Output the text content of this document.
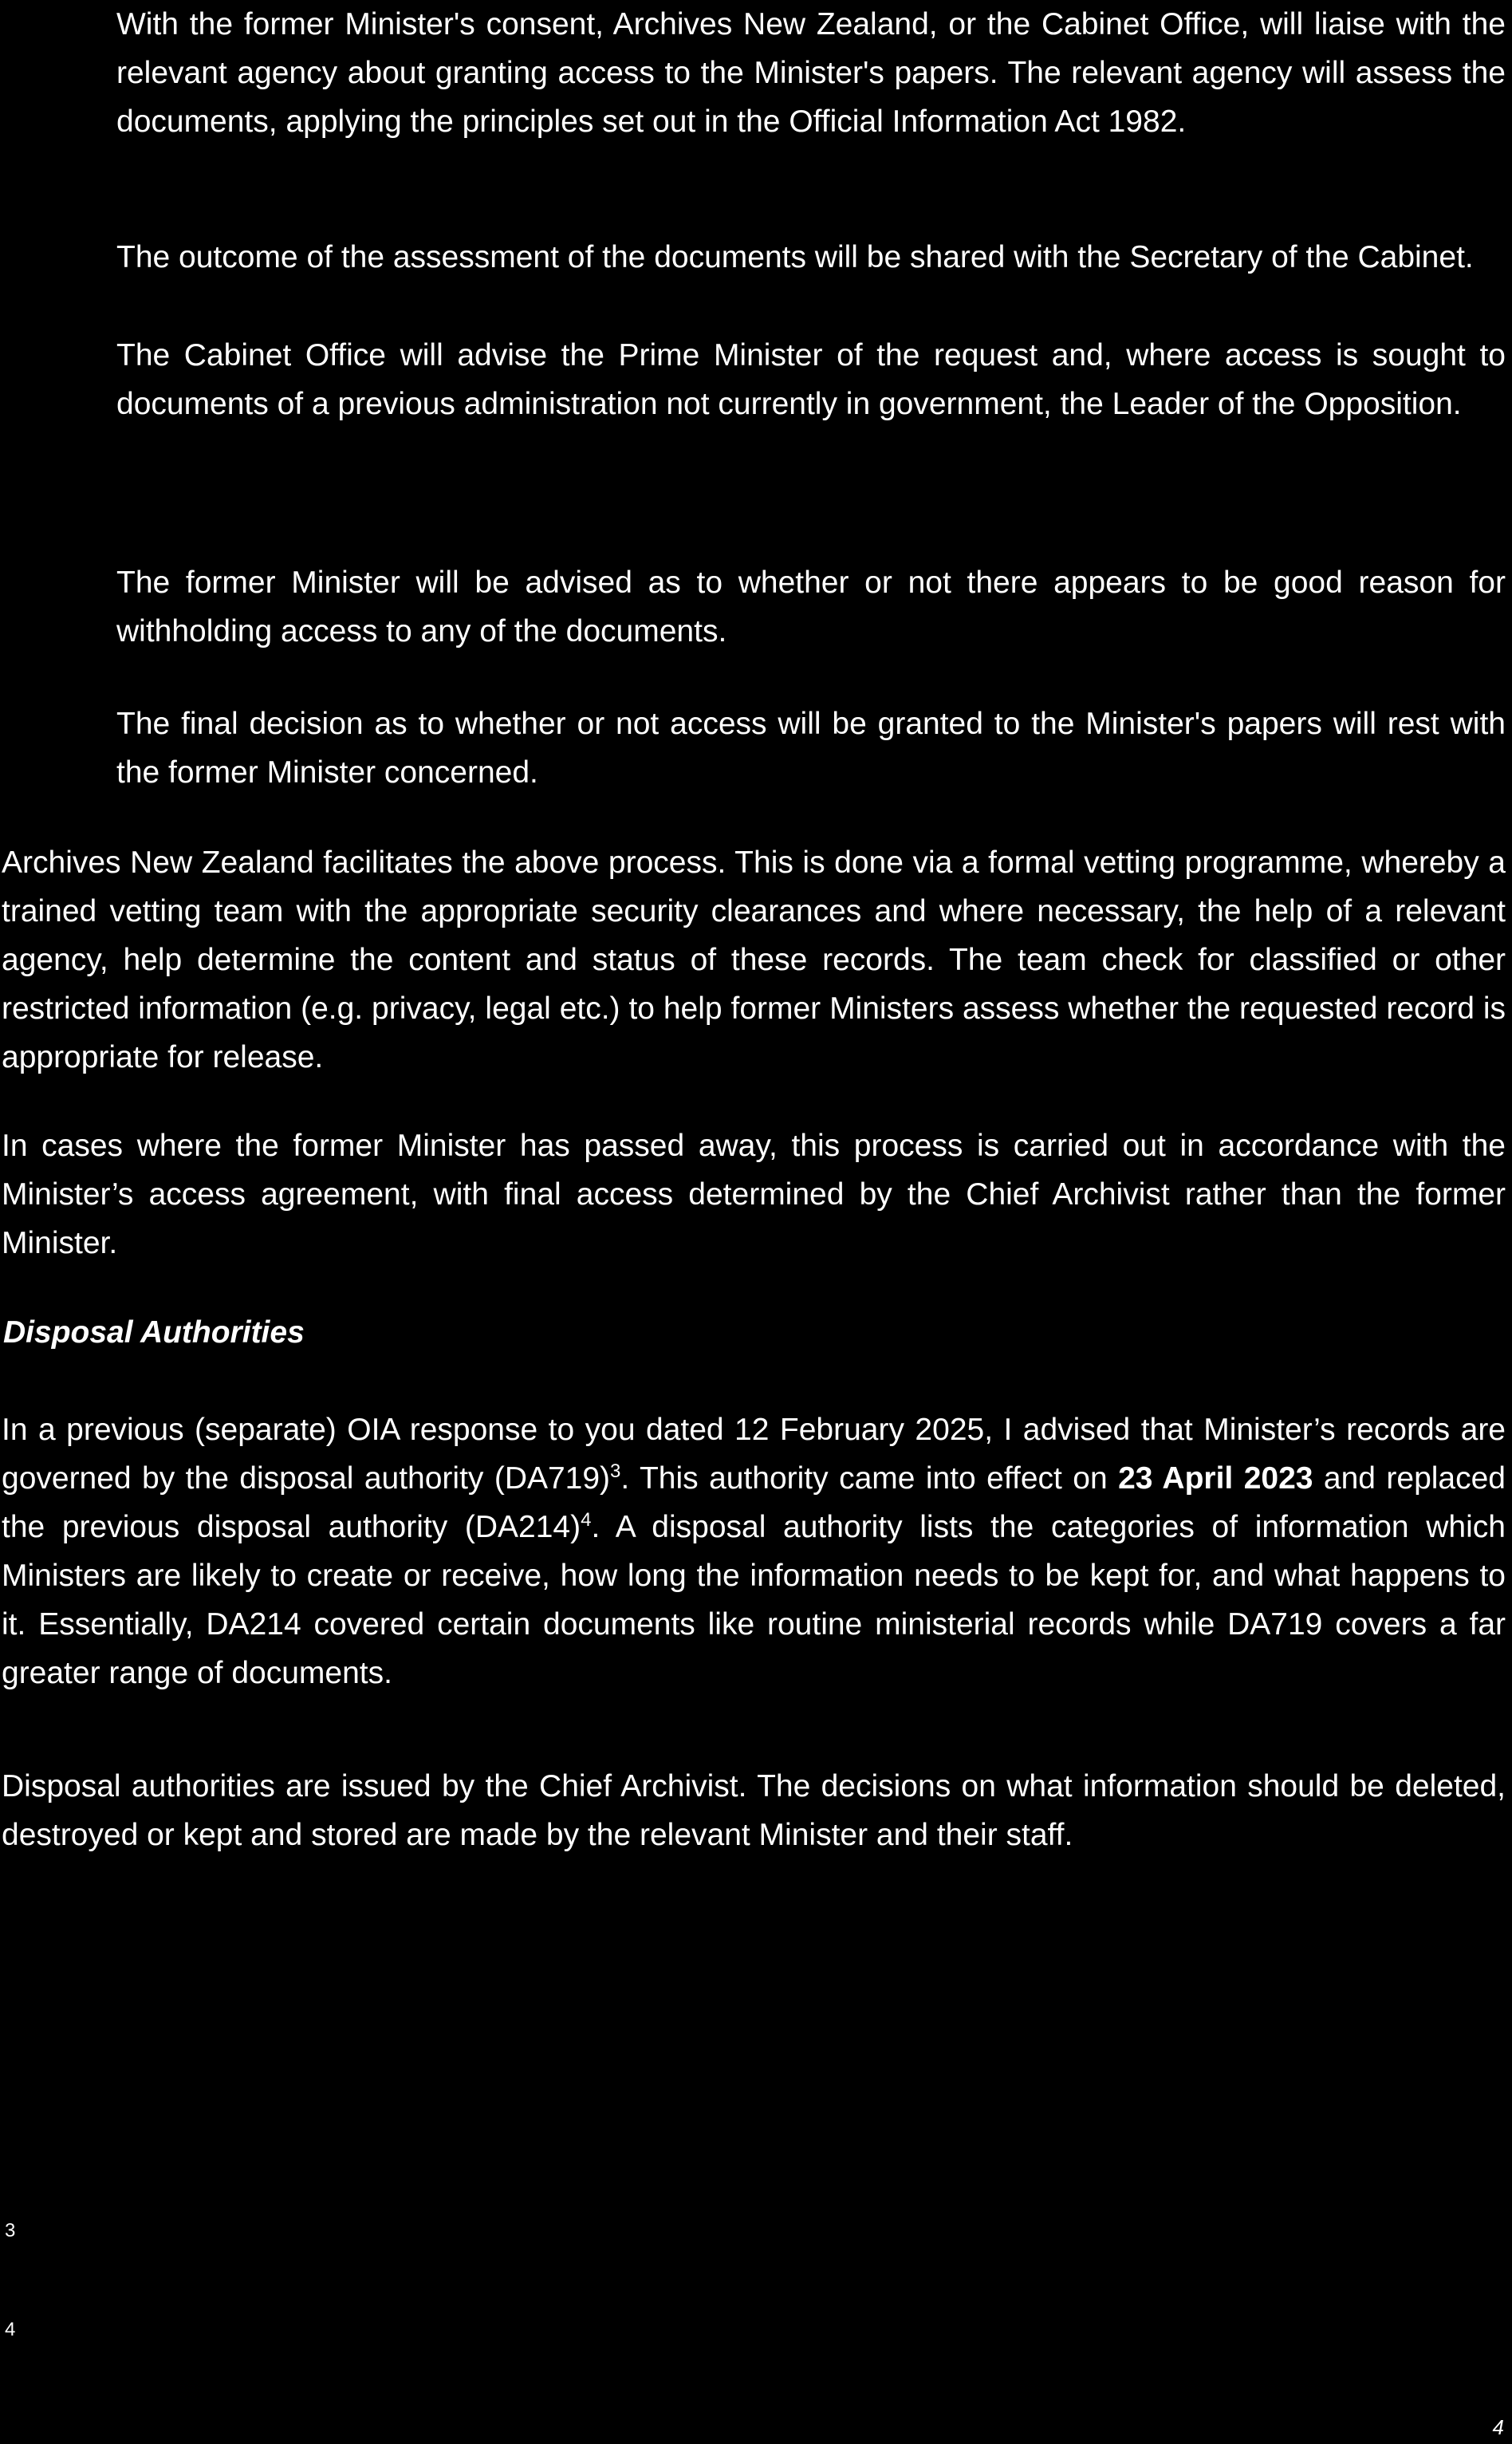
With the former Minister's consent, Archives New Zealand, or the Cabinet Office, will liaise with the relevant agency about granting access to the Minister's papers. The relevant agency will assess the documents, applying the principles set out in the Official Information Act 1982.

The outcome of the assessment of the documents will be shared with the Secretary of the Cabinet.

The Cabinet Office will advise the Prime Minister of the request and, where access is sought to documents of a previous administration not currently in government, the Leader of the Opposition.

The former Minister will be advised as to whether or not there appears to be good reason for withholding access to any of the documents.

The final decision as to whether or not access will be granted to the Minister's papers will rest with the former Minister concerned.

Archives New Zealand facilitates the above process. This is done via a formal vetting programme, whereby a trained vetting team with the appropriate security clearances and where necessary, the help of a relevant agency, help determine the content and status of these records. The team check for classified or other restricted information (e.g. privacy, legal etc.) to help former Ministers assess whether the requested record is appropriate for release.

In cases where the former Minister has passed away, this process is carried out in accordance with the Minister’s access agreement, with final access determined by the Chief Archivist rather than the former Minister.

Disposal Authorities

In a previous (separate) OIA response to you dated 12 February 2025, I advised that Minister’s records are governed by the disposal authority $(DA719)^3$. This authority came into effect on 23 April 2023 and replaced the previous disposal authority $(DA214)^4$. A disposal authority lists the categories of information which Ministers are likely to create or receive, how long the information needs to be kept for, and what happens to it. Essentially, DA214 covered certain documents like routine ministerial records while DA719 covers a far greater range of documents.

Disposal authorities are issued by the Chief Archivist. The decisions on what information should be deleted, destroyed or kept and stored are made by the relevant Minister and their staff.

3
4
4
